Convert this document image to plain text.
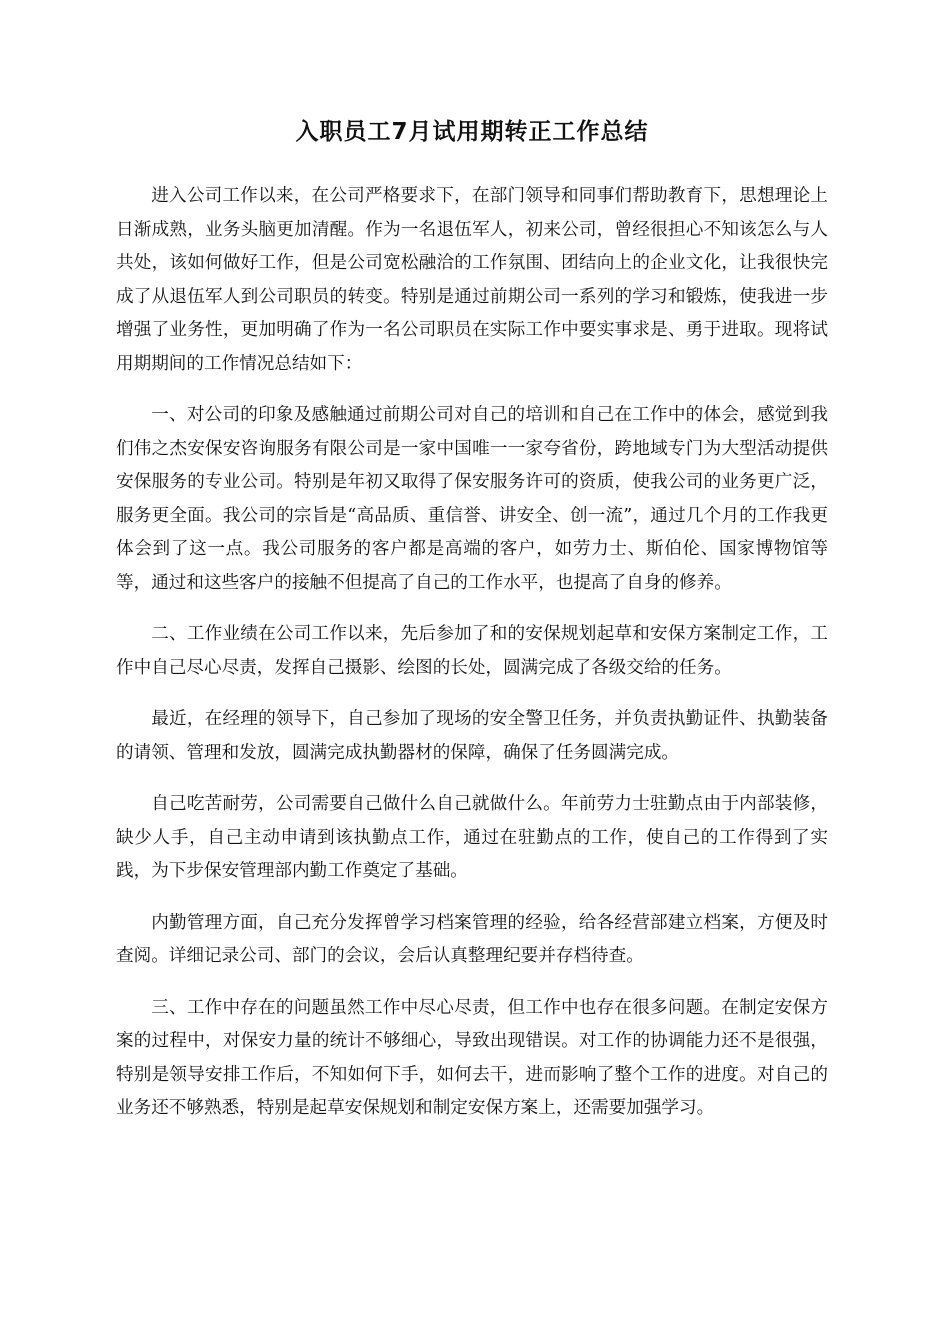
入职员工7月试用期转正工作总结

进入公司工作以来，在公司严格要求下，在部门领导和同事们帮助教育下，思想理论上日渐成熟，业务头脑更加清醒。作为一名退伍军人，初来公司，曾经很担心不知该怎么与人共处，该如何做好工作，但是公司宽松融洽的工作氛围、团结向上的企业文化，让我很快完成了从退伍军人到公司职员的转变。特别是通过前期公司一系列的学习和锻炼，使我进一步增强了业务性，更加明确了作为一名公司职员在实际工作中要实事求是、勇于进取。现将试用期期间的工作情况总结如下：

一、对公司的印象及感触通过前期公司对自己的培训和自己在工作中的体会，感觉到我们伟之杰安保安咨询服务有限公司是一家中国唯一一家夸省份，跨地域专门为大型活动提供安保服务的专业公司。特别是年初又取得了保安服务许可的资质，使我公司的业务更广泛，服务更全面。我公司的宗旨是“高品质、重信誉、讲安全、创一流”，通过几个月的工作我更体会到了这一点。我公司服务的客户都是高端的客户，如劳力士、斯伯伦、国家博物馆等等，通过和这些客户的接触不但提高了自己的工作水平，也提高了自身的修养。

二、工作业绩在公司工作以来，先后参加了和的安保规划起草和安保方案制定工作，工作中自己尽心尽责，发挥自己摄影、绘图的长处，圆满完成了各级交给的任务。

最近，在经理的领导下，自己参加了现场的安全警卫任务，并负责执勤证件、执勤装备的请领、管理和发放，圆满完成执勤器材的保障，确保了任务圆满完成。

自己吃苦耐劳，公司需要自己做什么自己就做什么。年前劳力士驻勤点由于内部装修，缺少人手，自己主动申请到该执勤点工作，通过在驻勤点的工作，使自己的工作得到了实践，为下步保安管理部内勤工作奠定了基础。

内勤管理方面，自己充分发挥曾学习档案管理的经验，给各经营部建立档案，方便及时查阅。详细记录公司、部门的会议，会后认真整理纪要并存档待查。

三、工作中存在的问题虽然工作中尽心尽责，但工作中也存在很多问题。在制定安保方案的过程中，对保安力量的统计不够细心，导致出现错误。对工作的协调能力还不是很强，特别是领导安排工作后，不知如何下手，如何去干，进而影响了整个工作的进度。对自己的业务还不够熟悉，特别是起草安保规划和制定安保方案上，还需要加强学习。
